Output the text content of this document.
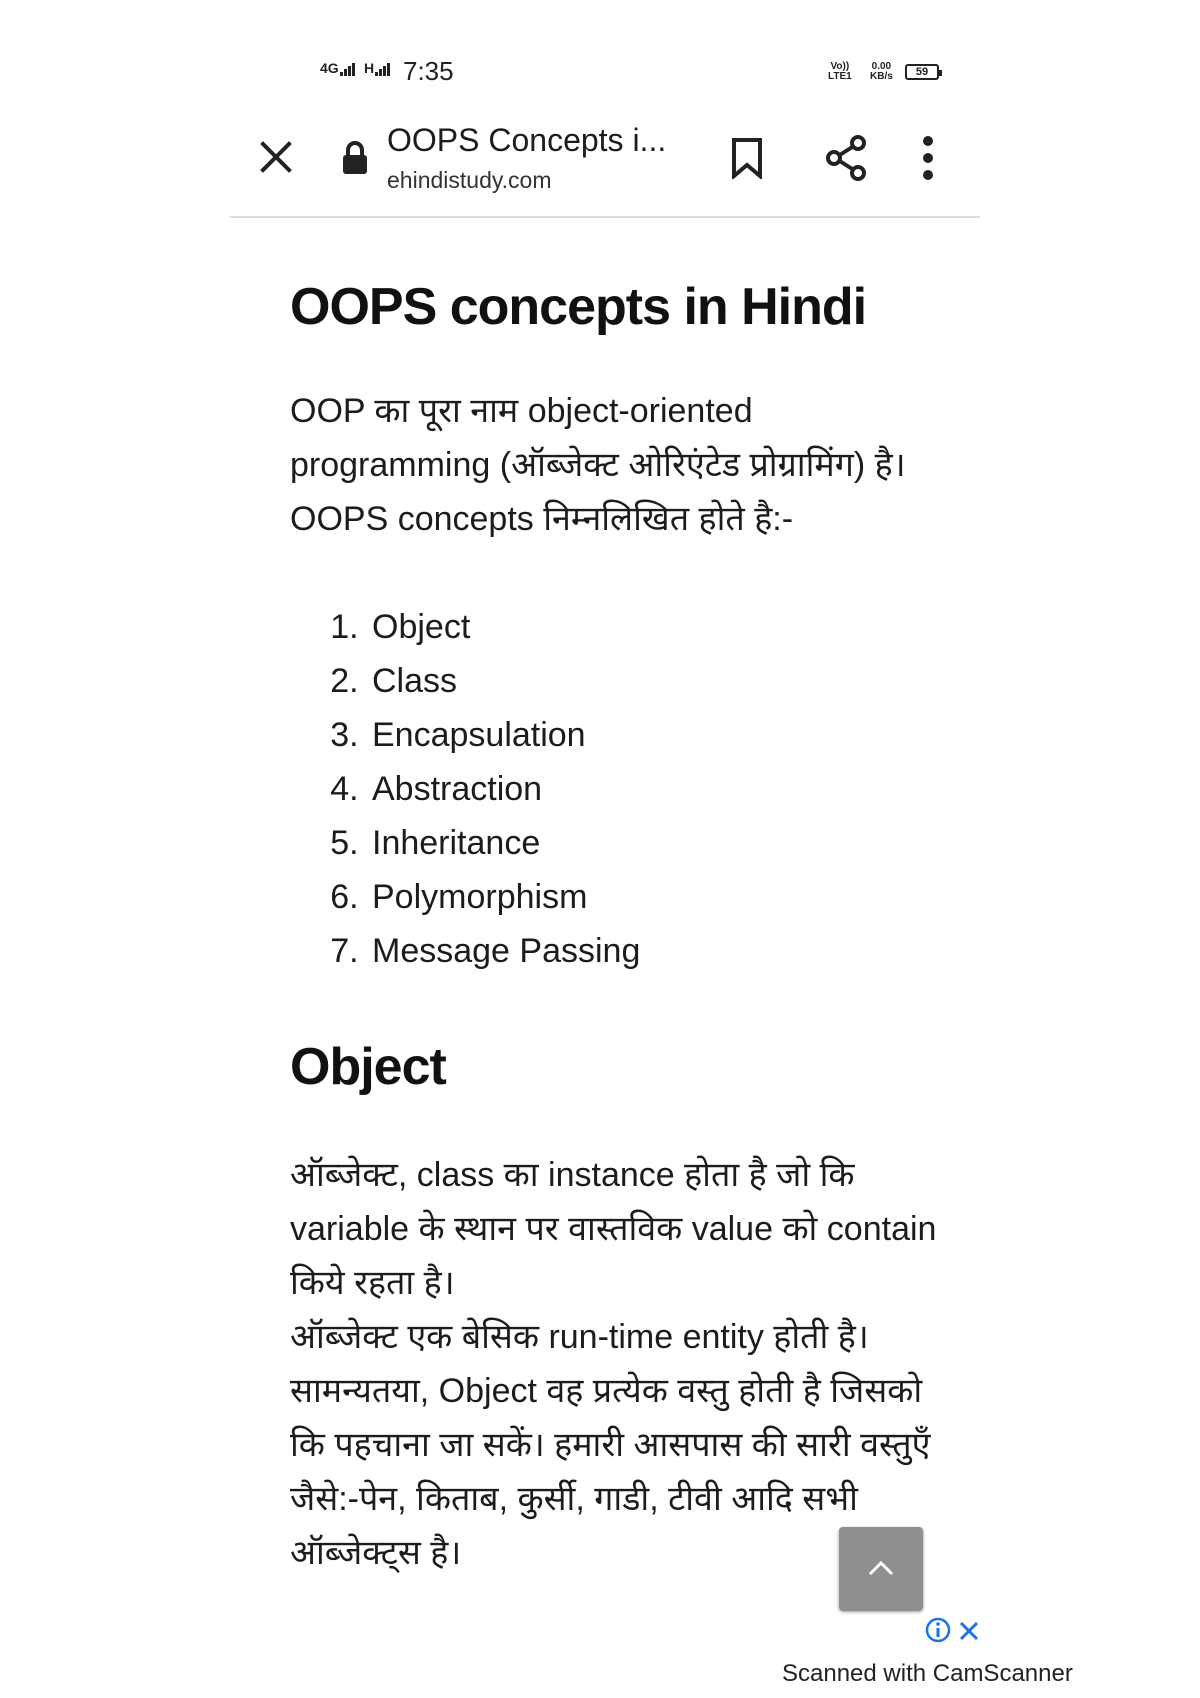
4G	H	7:35	Vo))
LTE1
0.00
KB/s	59
OOPS Concepts i...
ehindistudy.com
OOPS concepts in Hindi

OOP का पूरा नाम object-oriented programming (ऑब्जेक्ट ओरिएंटेड प्रोग्रामिंग) है। OOPS concepts निम्नलिखित होते है:-

1. Object
2. Class
3. Encapsulation
4. Abstraction
5. Inheritance
6. Polymorphism
7. Message Passing
Object

ऑब्जेक्ट, class का instance होता है जो कि variable के स्थान पर वास्तविक value को contain किये रहता है।

ऑब्जेक्ट एक बेसिक run-time entity होती है। सामन्यतया, Object वह प्रत्येक वस्तु होती है जिसको कि पहचाना जा सकें। हमारी आसपास की सारी वस्तुएँ जैसे:-पेन, किताब, कुर्सी, गाडी, टीवी आदि सभी ऑब्जेक्ट्स है।

Scanned with CamScanner
